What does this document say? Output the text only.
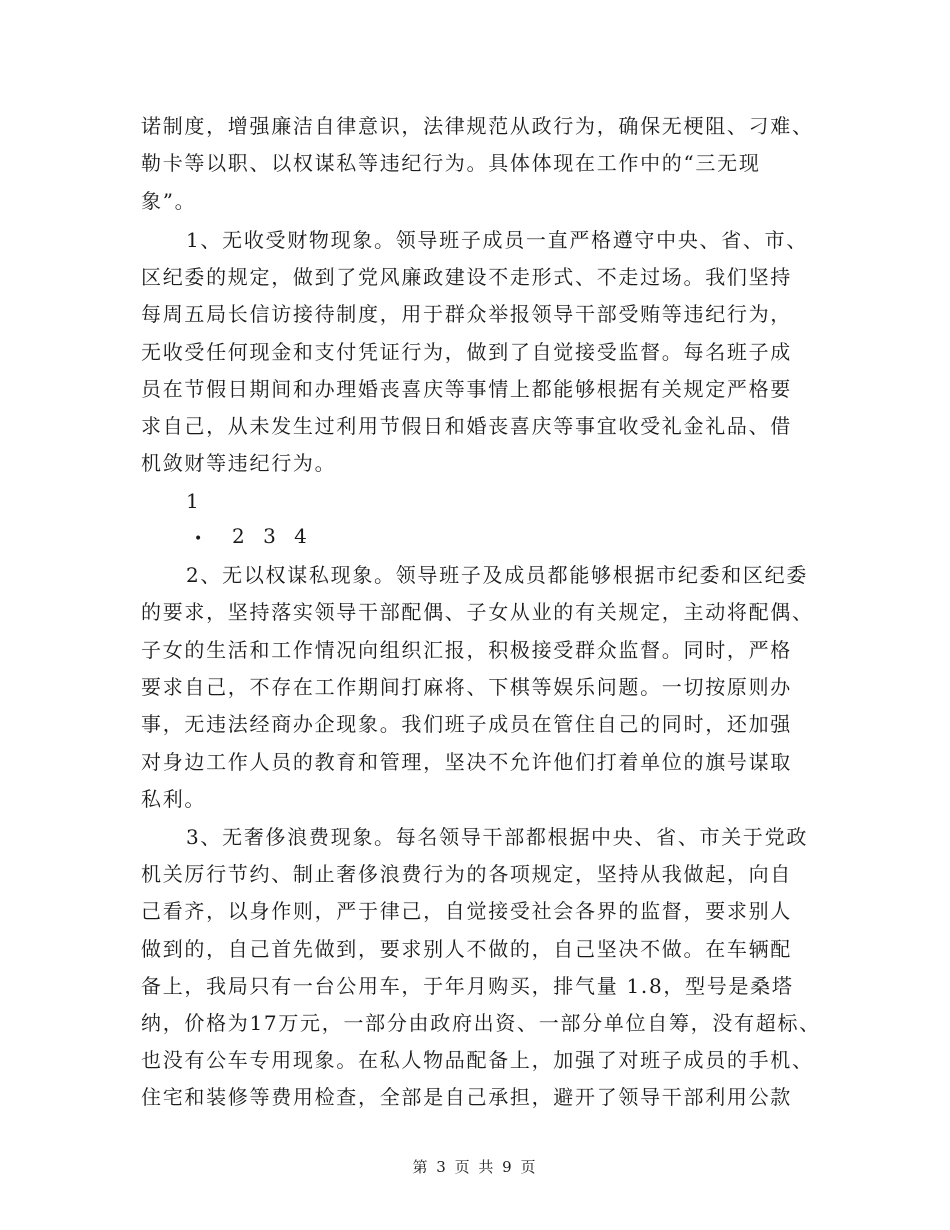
诺制度，增强廉洁自律意识，法律规范从政行为，确保无梗阻、刁难、
勒卡等以职、以权谋私等违纪行为。具体体现在工作中的“三无现
象”。
1、无收受财物现象。领导班子成员一直严格遵守中央、省、市、
区纪委的规定，做到了党风廉政建设不走形式、不走过场。我们坚持
每周五局长信访接待制度，用于群众举报领导干部受贿等违纪行为，
无收受任何现金和支付凭证行为，做到了自觉接受监督。每名班子成
员在节假日期间和办理婚丧喜庆等事情上都能够根据有关规定严格要
求自己，从未发生过利用节假日和婚丧喜庆等事宜收受礼金礼品、借
机敛财等违纪行为。
1
• 2 3 4
2、无以权谋私现象。领导班子及成员都能够根据市纪委和区纪委
的要求，坚持落实领导干部配偶、子女从业的有关规定，主动将配偶、
子女的生活和工作情况向组织汇报，积极接受群众监督。同时，严格
要求自己，不存在工作期间打麻将、下棋等娱乐问题。一切按原则办
事，无违法经商办企现象。我们班子成员在管住自己的同时，还加强
对身边工作人员的教育和管理，坚决不允许他们打着单位的旗号谋取
私利。
3、无奢侈浪费现象。每名领导干部都根据中央、省、市关于党政
机关厉行节约、制止奢侈浪费行为的各项规定，坚持从我做起，向自
己看齐，以身作则，严于律己，自觉接受社会各界的监督，要求别人
做到的，自己首先做到，要求别人不做的，自己坚决不做。在车辆配
备上，我局只有一台公用车，于年月购买，排气量 1.8，型号是桑塔
纳，价格为17万元，一部分由政府出资、一部分单位自筹，没有超标、
也没有公车专用现象。在私人物品配备上，加强了对班子成员的手机、
住宅和装修等费用检查，全部是自己承担，避开了领导干部利用公款
第 3 页 共 9 页
